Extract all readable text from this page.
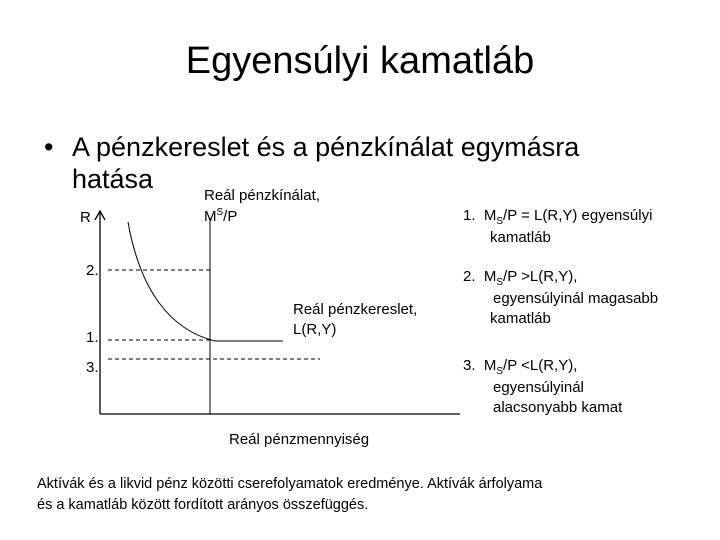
Egyensúlyi kamatláb
• A pénzkereslet és a pénzkínálat egymásra
hatása
R
Reál pénzkínálat,
$M^S/P$
2.
1.
3.
Reál pénzkereslet,
L(R,Y)
Reál pénzmennyiség
1. $M_S/P = L(R,Y)$ egyensúlyi
kamatláb
2. $M_S/P >L(R,Y)$,
egyensúlyinál magasabb
kamatláb
3. $M_S/P <L(R,Y)$,
egyensúlyinál
alacsonyabb kamat
Aktívák és a likvid pénz közötti cserefolyamatok eredménye. Aktívák árfolyama
és a kamatláb között fordított arányos összefüggés.
